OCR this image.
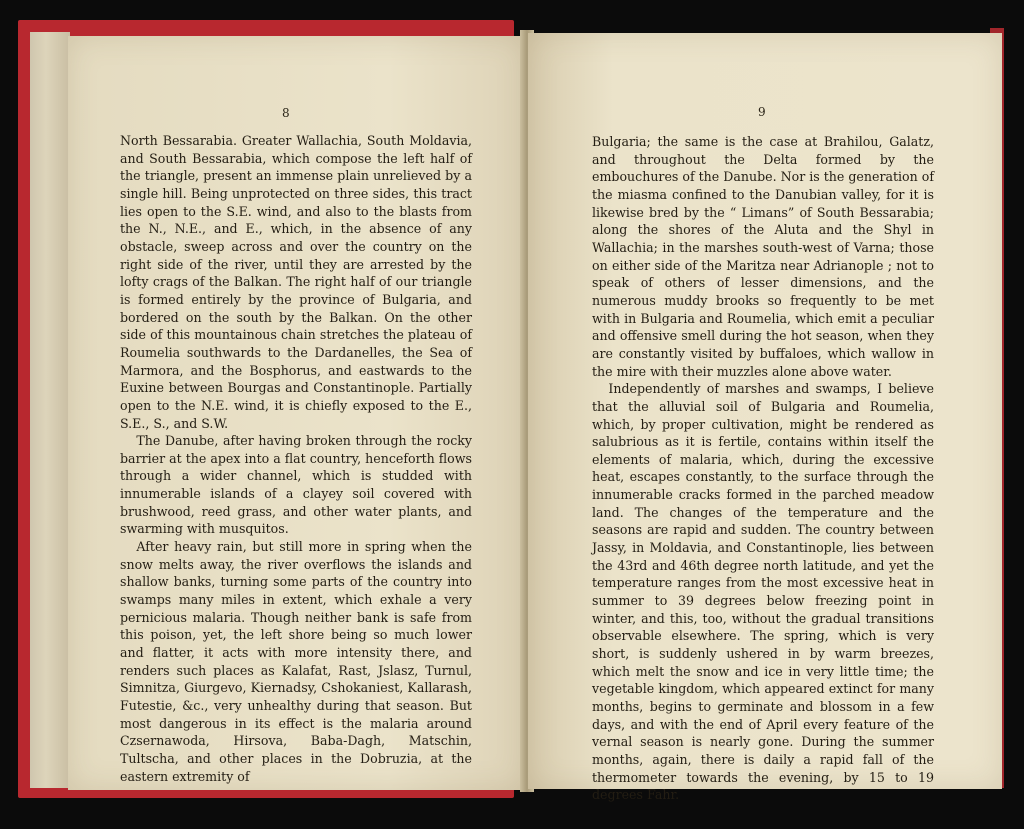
8

North Bessarabia. Greater Wallachia, South Moldavia, and South Bessarabia, which compose the left half of the triangle, present an immense plain unrelieved by a single hill. Being unprotected on three sides, this tract lies open to the S.E. wind, and also to the blasts from the N., N.E., and E., which, in the absence of any obstacle, sweep across and over the country on the right side of the river, until they are arrested by the lofty crags of the Balkan. The right half of our triangle is formed entirely by the province of Bulgaria, and bordered on the south by the Balkan. On the other side of this mountainous chain stretches the plateau of Roumelia southwards to the Dardanelles, the Sea of Marmora, and the Bosphorus, and eastwards to the Euxine between Bourgas and Constantinople. Partially open to the N.E. wind, it is chiefly exposed to the E., S.E., S., and S.W.

The Danube, after having broken through the rocky barrier at the apex into a flat country, henceforth flows through a wider channel, which is studded with innumerable islands of a clayey soil covered with brushwood, reed grass, and other water plants, and swarming with musquitos.

After heavy rain, but still more in spring when the snow melts away, the river overflows the islands and shallow banks, turning some parts of the country into swamps many miles in extent, which exhale a very pernicious malaria. Though neither bank is safe from this poison, yet, the left shore being so much lower and flatter, it acts with more intensity there, and renders such places as Kalafat, Rast, Jslasz, Turnul, Simnitza, Giurgevo, Kiernadsy, Cshokaniest, Kallarash, Futestie, &c., very unhealthy during that season. But most dangerous in its effect is the malaria around Czsernawoda, Hirsova, Baba-Dagh, Matschin, Tultscha, and other places in the Dobruzia, at the eastern extremity of

9

Bulgaria; the same is the case at Brahilou, Galatz, and throughout the Delta formed by the embouchures of the Danube. Nor is the generation of the miasma confined to the Danubian valley, for it is likewise bred by the “ Limans” of South Bessarabia; along the shores of the Aluta and the Shyl in Wallachia; in the marshes south-west of Varna; those on either side of the Maritza near Adrianople ; not to speak of others of lesser dimensions, and the numerous muddy brooks so frequently to be met with in Bulgaria and Roumelia, which emit a peculiar and offensive smell during the hot season, when they are constantly visited by buffaloes, which wallow in the mire with their muzzles alone above water.

Independently of marshes and swamps, I believe that the alluvial soil of Bulgaria and Roumelia, which, by proper cultivation, might be rendered as salubrious as it is fertile, contains within itself the elements of malaria, which, during the excessive heat, escapes constantly, to the surface through the innumerable cracks formed in the parched meadow land. The changes of the temperature and the seasons are rapid and sudden. The country between Jassy, in Moldavia, and Constantinople, lies between the 43rd and 46th degree north latitude, and yet the temperature ranges from the most excessive heat in summer to 39 degrees below freezing point in winter, and this, too, without the gradual transitions observable elsewhere. The spring, which is very short, is suddenly ushered in by warm breezes, which melt the snow and ice in very little time; the vegetable kingdom, which appeared extinct for many months, begins to germinate and blossom in a few days, and with the end of April every feature of the vernal season is nearly gone. During the summer months, again, there is daily a rapid fall of the thermometer towards the evening, by 15 to 19 degrees Fahr.
